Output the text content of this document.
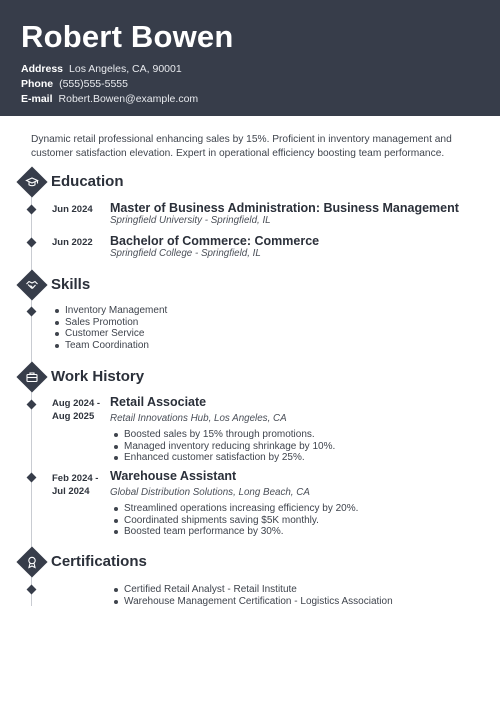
Robert Bowen
Address Los Angeles, CA, 90001
Phone (555)555-5555
E-mail Robert.Bowen@example.com
Dynamic retail professional enhancing sales by 15%. Proficient in inventory management and customer satisfaction elevation. Expert in operational efficiency boosting team performance.
Education
Jun 2024 Master of Business Administration: Business Management
Springfield University - Springfield, IL
Jun 2022 Bachelor of Commerce: Commerce
Springfield College - Springfield, IL
Skills
Inventory Management
Sales Promotion
Customer Service
Team Coordination
Work History
Aug 2024 -
Aug 2025
Retail Associate
Retail Innovations Hub, Los Angeles, CA
Boosted sales by 15% through promotions.
Managed inventory reducing shrinkage by 10%.
Enhanced customer satisfaction by 25%.
Feb 2024 -
Jul 2024
Warehouse Assistant
Global Distribution Solutions, Long Beach, CA
Streamlined operations increasing efficiency by 20%.
Coordinated shipments saving $5K monthly.
Boosted team performance by 30%.
Certifications
Certified Retail Analyst - Retail Institute
Warehouse Management Certification - Logistics Association
